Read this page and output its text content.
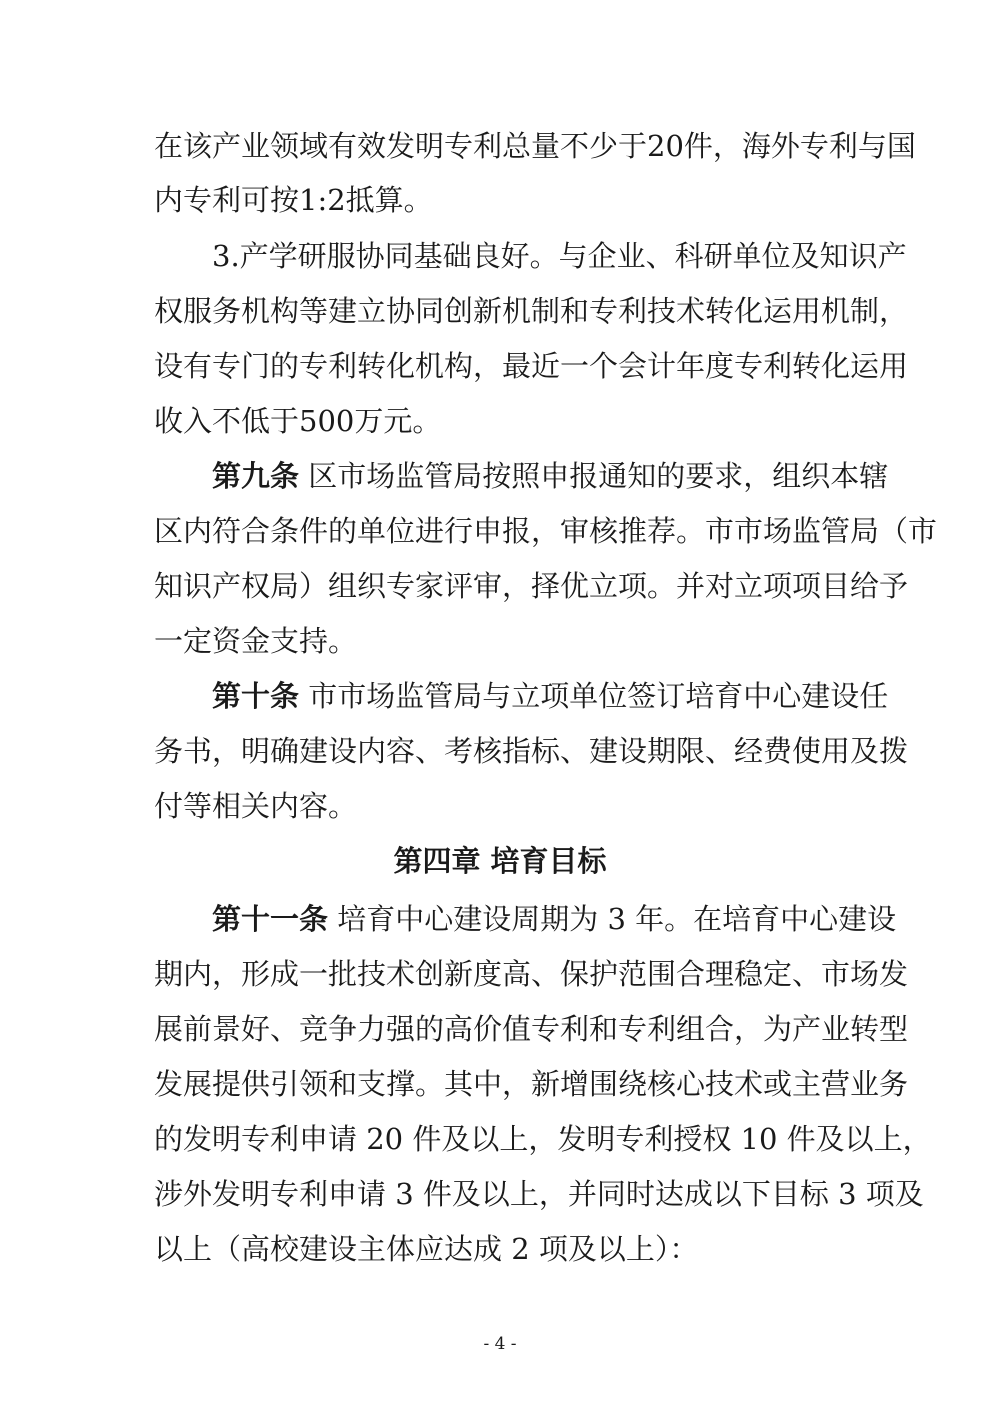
在该产业领域有效发明专利总量不少于20件，海外专利与国
内专利可按1:2抵算。
3.产学研服协同基础良好。与企业、科研单位及知识产
权服务机构等建立协同创新机制和专利技术转化运用机制，
设有专门的专利转化机构，最近一个会计年度专利转化运用
收入不低于500万元。
第九条 区市场监管局按照申报通知的要求，组织本辖
区内符合条件的单位进行申报，审核推荐。市市场监管局（市
知识产权局）组织专家评审，择优立项。并对立项项目给予
一定资金支持。
第十条 市市场监管局与立项单位签订培育中心建设任
务书，明确建设内容、考核指标、建设期限、经费使用及拨
付等相关内容。
第四章 培育目标
第十一条 培育中心建设周期为 3 年。在培育中心建设
期内，形成一批技术创新度高、保护范围合理稳定、市场发
展前景好、竞争力强的高价值专利和专利组合，为产业转型
发展提供引领和支撑。其中，新增围绕核心技术或主营业务
的发明专利申请 20 件及以上，发明专利授权 10 件及以上，
涉外发明专利申请 3 件及以上，并同时达成以下目标 3 项及
以上（高校建设主体应达成 2 项及以上）：
- 4 -
